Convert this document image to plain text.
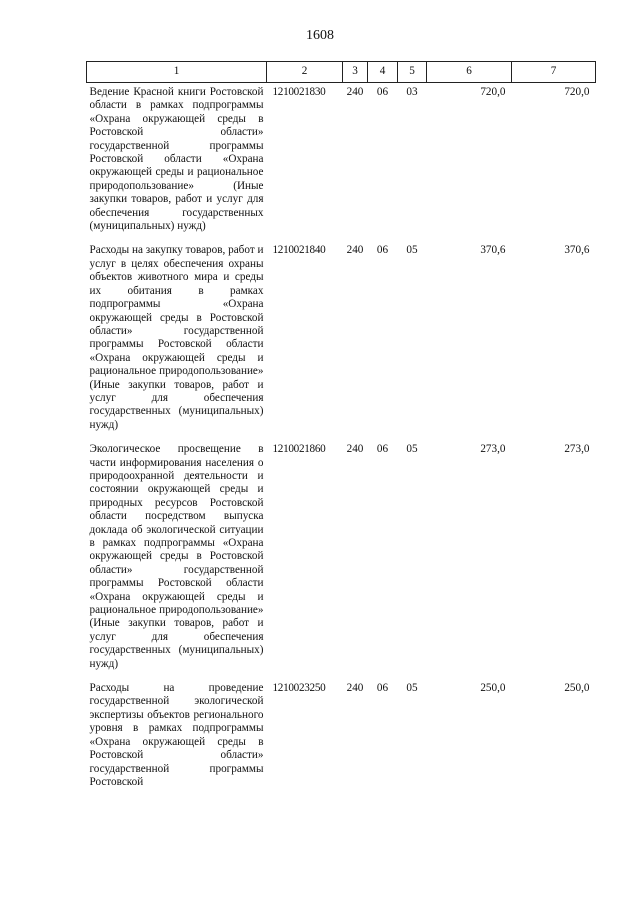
1608
1	2	3	4	5	6	7
Ведение Красной книги Ростовской области в рамках подпрограммы «Охрана окружающей среды в Ростовской области» государственной программы Ростовской области «Охрана окружающей среды и рациональное природопользование» (Иные закупки товаров, работ и услуг для обеспечения государственных (муниципальных) нужд)	1210021830	240	06	03	720,0	720,0
Расходы на закупку товаров, работ и услуг в целях обеспечения охраны объектов животного мира и среды их обитания в рамках подпрограммы «Охрана окружающей среды в Ростовской области» государственной программы Ростовской области «Охрана окружающей среды и рациональное природопользование» (Иные закупки товаров, работ и услуг для обеспечения государственных (муниципальных) нужд)	1210021840	240	06	05	370,6	370,6
Экологическое просвещение в части информирования населения о природоохранной деятельности и состоянии окружающей среды и природных ресурсов Ростовской области посредством выпуска доклада об экологической ситуации в рамках подпрограммы «Охрана окружающей среды в Ростовской области» государственной программы Ростовской области «Охрана окружающей среды и рациональное природопользование» (Иные закупки товаров, работ и услуг для обеспечения государственных (муниципальных) нужд)	1210021860	240	06	05	273,0	273,0
Расходы на проведение государственной экологической экспертизы объектов регионального уровня в рамках подпрограммы «Охрана окружающей среды в Ростовской области» государственной программы Ростовской	1210023250	240	06	05	250,0	250,0
